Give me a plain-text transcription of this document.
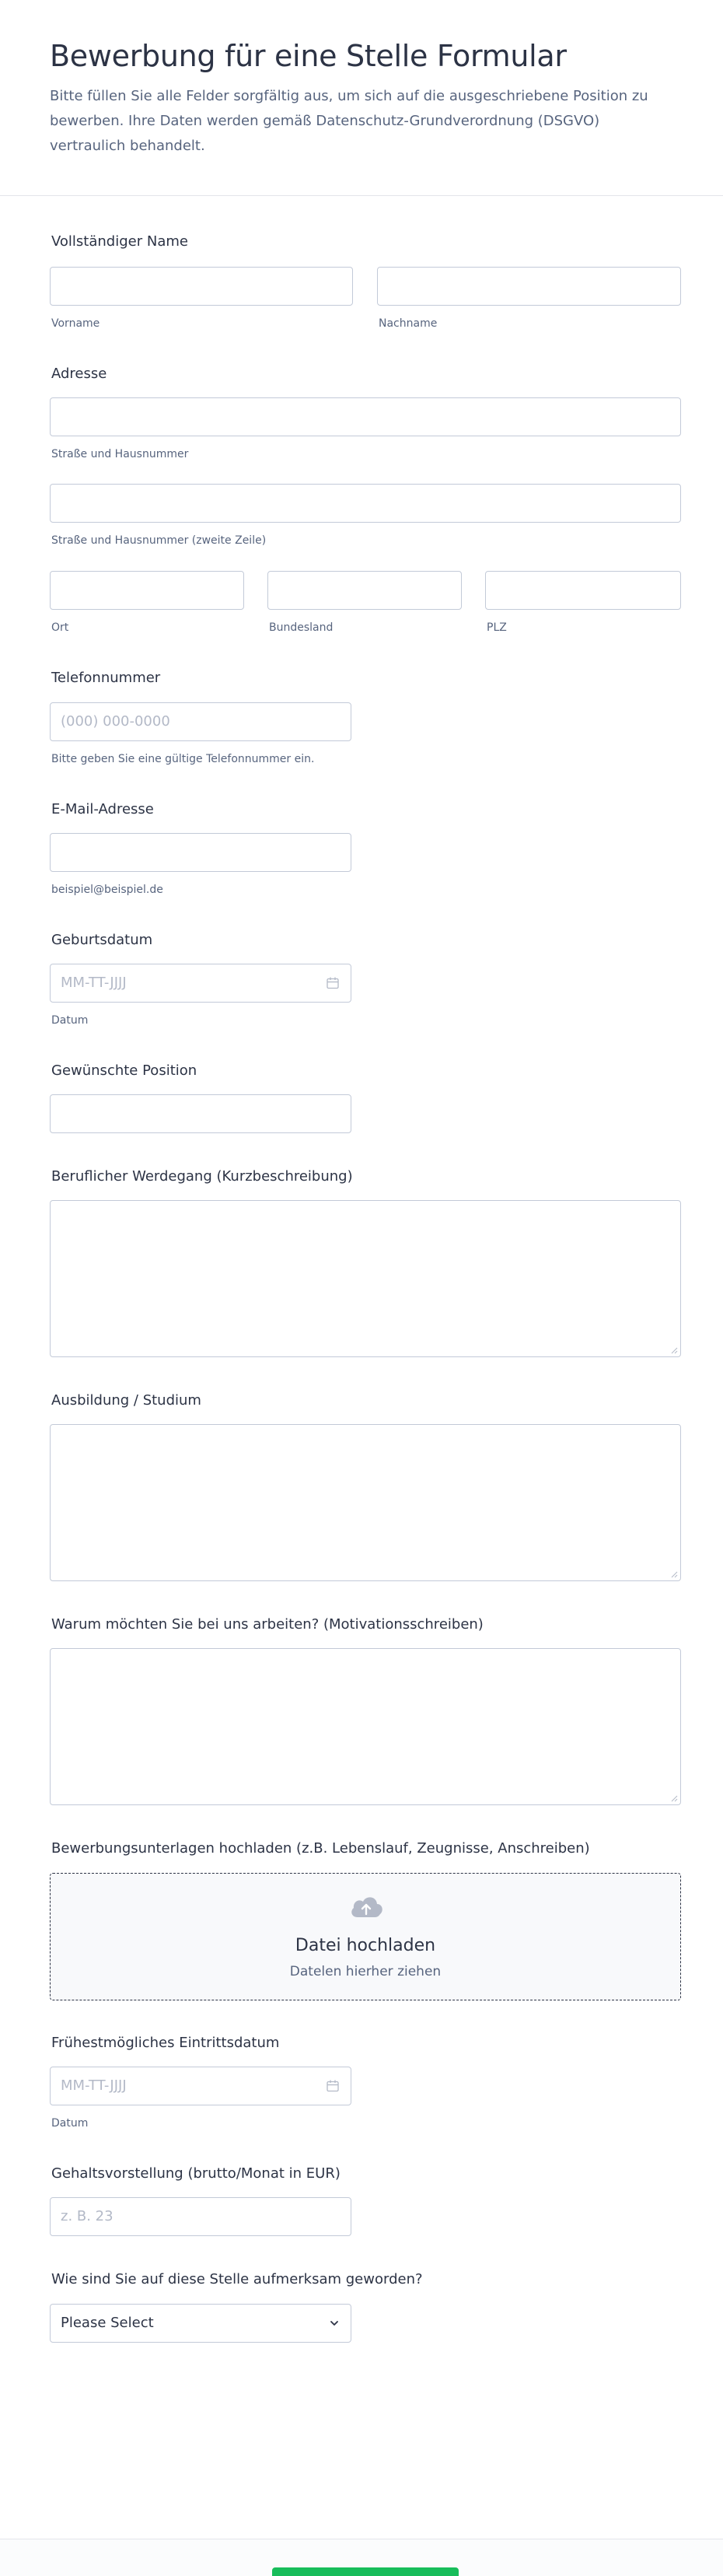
Bewerbung für eine Stelle Formular

Bitte füllen Sie alle Felder sorgfältig aus, um sich auf die ausgeschriebene Position zu bewerben. Ihre Daten werden gemäß Datenschutz-Grundverordnung (DSGVO) vertraulich behandelt.

Vollständiger Name
Vorname	Nachname
Adresse
Straße und Hausnummer
Straße und Hausnummer (zweite Zeile)
Ort	Bundesland	PLZ
Telefonnummer
(000) 000-0000
Bitte geben Sie eine gültige Telefonnummer ein.
E-Mail-Adresse
beispiel@beispiel.de
Geburtsdatum
MM-TT-JJJJ
Datum
Gewünschte Position
Beruflicher Werdegang (Kurzbeschreibung)
Ausbildung / Studium
Warum möchten Sie bei uns arbeiten? (Motivationsschreiben)
Bewerbungsunterlagen hochladen (z.B. Lebenslauf, Zeugnisse, Anschreiben)
Datei hochladen
Datelen hierher ziehen
Frühestmögliches Eintrittsdatum
MM-TT-JJJJ
Datum
Gehaltsvorstellung (brutto/Monat in EUR)
z. B. 23
Wie sind Sie auf diese Stelle aufmerksam geworden?
Please Select
